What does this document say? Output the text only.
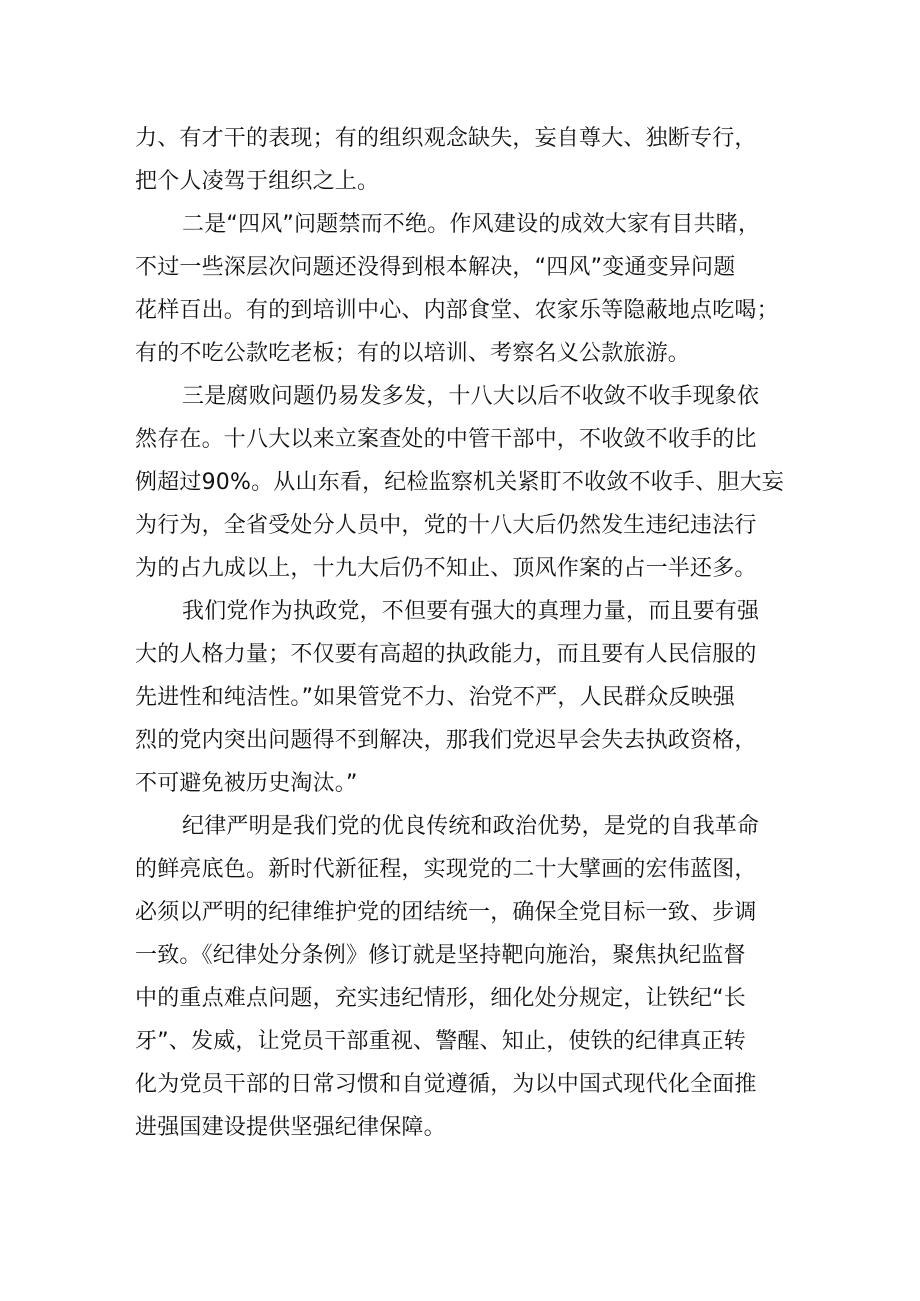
力、有才干的表现；有的组织观念缺失，妄自尊大、独断专行，
把个人凌驾于组织之上。
二是“四风”问题禁而不绝。作风建设的成效大家有目共睹，
不过一些深层次问题还没得到根本解决，“四风”变通变异问题
花样百出。有的到培训中心、内部食堂、农家乐等隐蔽地点吃喝；
有的不吃公款吃老板；有的以培训、考察名义公款旅游。
三是腐败问题仍易发多发，十八大以后不收敛不收手现象依
然存在。十八大以来立案查处的中管干部中，不收敛不收手的比
例超过90%。从山东看，纪检监察机关紧盯不收敛不收手、胆大妄
为行为，全省受处分人员中，党的十八大后仍然发生违纪违法行
为的占九成以上，十九大后仍不知止、顶风作案的占一半还多。
我们党作为执政党，不但要有强大的真理力量，而且要有强
大的人格力量；不仅要有高超的执政能力，而且要有人民信服的
先进性和纯洁性。”如果管党不力、治党不严，人民群众反映强
烈的党内突出问题得不到解决，那我们党迟早会失去执政资格，
不可避免被历史淘汰。”
纪律严明是我们党的优良传统和政治优势，是党的自我革命
的鲜亮底色。新时代新征程，实现党的二十大擘画的宏伟蓝图，
必须以严明的纪律维护党的团结统一，确保全党目标一致、步调
一致。《纪律处分条例》修订就是坚持靶向施治，聚焦执纪监督
中的重点难点问题，充实违纪情形，细化处分规定，让铁纪“长
牙”、发威，让党员干部重视、警醒、知止，使铁的纪律真正转
化为党员干部的日常习惯和自觉遵循，为以中国式现代化全面推
进强国建设提供坚强纪律保障。
